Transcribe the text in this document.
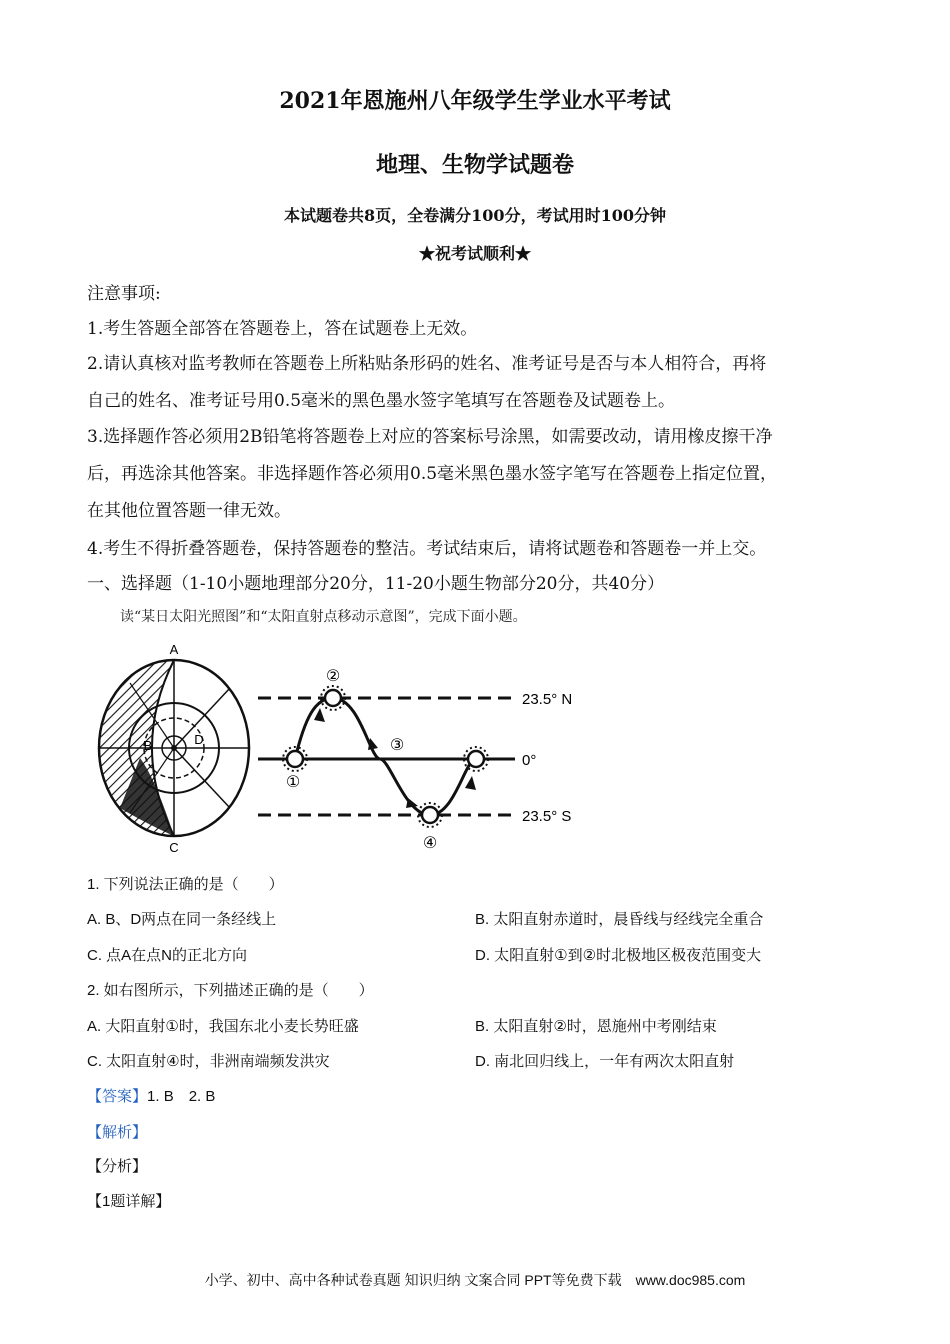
2021年恩施州八年级学生学业水平考试
地理、生物学试题卷
本试题卷共8页，全卷满分100分，考试用时100分钟
★祝考试顺利★
注意事项:
1.考生答题全部答在答题卷上，答在试题卷上无效。
2.请认真核对监考教师在答题卷上所粘贴条形码的姓名、准考证号是否与本人相符合，再将
自己的姓名、准考证号用0.5毫米的黑色墨水签字笔填写在答题卷及试题卷上。
3.选择题作答必须用2B铅笔将答题卷上对应的答案标号涂黑，如需要改动，请用橡皮擦干净
后，再选涂其他答案。非选择题作答必须用0.5毫米黑色墨水签字笔写在答题卷上指定位置，
在其他位置答题一律无效。
4.考生不得折叠答题卷，保持答题卷的整洁。考试结束后，请将试题卷和答题卷一并上交。
一、选择题（1-10小题地理部分20分，11-20小题生物部分20分，共40分）
读“某日太阳光照图”和“太阳直射点移动示意图”，完成下面小题。
A
B
C
D
23.5° N
0°
23.5° S
①
②
③
④
1. 下列说法正确的是（　　）
A. B、D两点在同一条经线上	B. 太阳直射赤道时，晨昏线与经线完全重合
C. 点A在点N的正北方向	D. 太阳直射①到②时北极地区极夜范围变大
2. 如右图所示，下列描述正确的是（　　）
A. 大阳直射①时，我国东北小麦长势旺盛	B. 太阳直射②时，恩施州中考刚结束
C. 太阳直射④时，非洲南端频发洪灾	D. 南北回归线上，一年有两次太阳直射
【答案】1. B　2. B
【解析】
【分析】
【1题详解】
小学、初中、高中各种试卷真题 知识归纳 文案合同 PPT等免费下载　www.doc985.com
